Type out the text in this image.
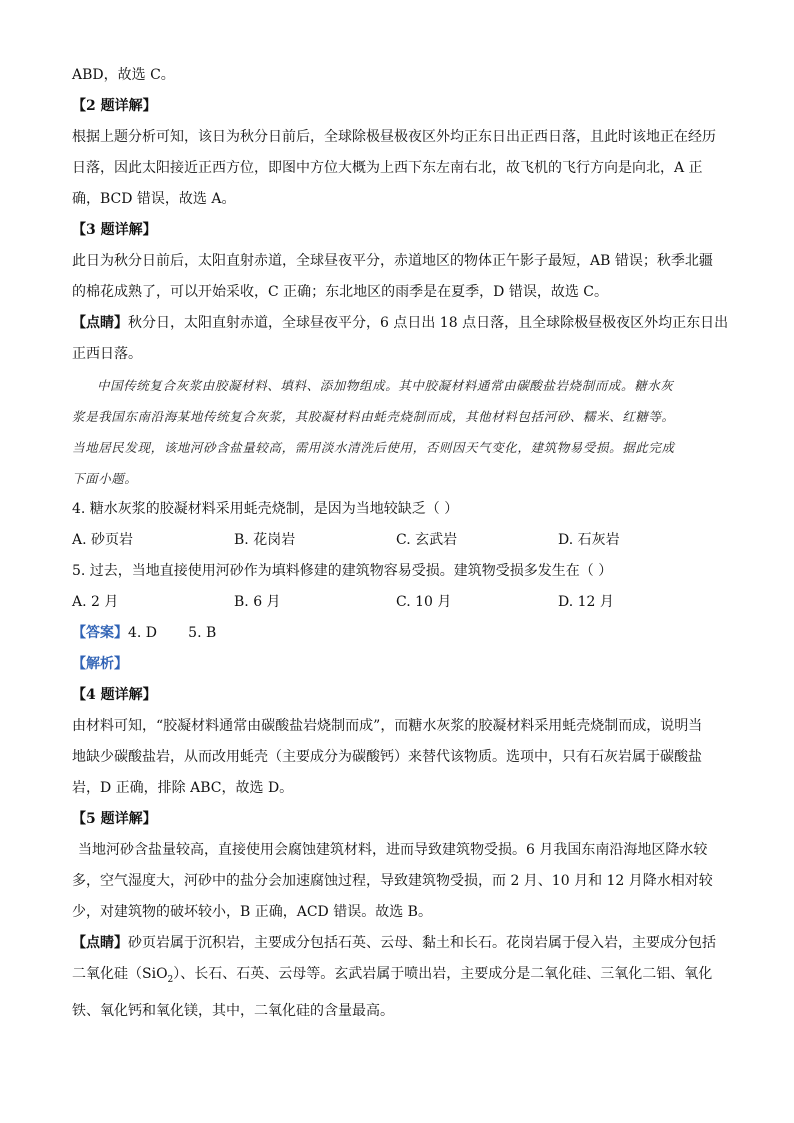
ABD，故选 C。
【2 题详解】
根据上题分析可知，该日为秋分日前后，全球除极昼极夜区外均正东日出正西日落，且此时该地正在经历
日落，因此太阳接近正西方位，即图中方位大概为上西下东左南右北，故飞机的飞行方向是向北，A 正
确，BCD 错误，故选 A。
【3 题详解】
此日为秋分日前后，太阳直射赤道，全球昼夜平分，赤道地区的物体正午影子最短，AB 错误；秋季北疆
的棉花成熟了，可以开始采收，C 正确；东北地区的雨季是在夏季，D 错误，故选 C。
【点睛】秋分日，太阳直射赤道，全球昼夜平分，6 点日出 18 点日落，且全球除极昼极夜区外均正东日出
正西日落。
中国传统复合灰浆由胶凝材料、填料、添加物组成。其中胶凝材料通常由碳酸盐岩烧制而成。糖水灰
浆是我国东南沿海某地传统复合灰浆，其胶凝材料由蚝壳烧制而成，其他材料包括河砂、糯米、红糖等。
当地居民发现，该地河砂含盐量较高，需用淡水清洗后使用，否则因天气变化，建筑物易受损。据此完成
下面小题。
4. 糖水灰浆的胶凝材料采用蚝壳烧制，是因为当地较缺乏（ ）
A. 砂页岩	B. 花岗岩	C. 玄武岩	D. 石灰岩
5. 过去，当地直接使用河砂作为填料修建的建筑物容易受损。建筑物受损多发生在（ ）
A. 2 月	B. 6 月	C. 10 月	D. 12 月
【答案】4. D       5. B
【解析】
【4 题详解】
由材料可知，“胶凝材料通常由碳酸盐岩烧制而成”，而糖水灰浆的胶凝材料采用蚝壳烧制而成，说明当
地缺少碳酸盐岩，从而改用蚝壳（主要成分为碳酸钙）来替代该物质。选项中，只有石灰岩属于碳酸盐
岩，D 正确，排除 ABC，故选 D。
【5 题详解】
当地河砂含盐量较高，直接使用会腐蚀建筑材料，进而导致建筑物受损。6 月我国东南沿海地区降水较
多，空气湿度大，河砂中的盐分会加速腐蚀过程，导致建筑物受损，而 2 月、10 月和 12 月降水相对较
少，对建筑物的破坏较小，B 正确，ACD 错误。故选 B。
【点睛】砂页岩属于沉积岩，主要成分包括石英、云母、黏土和长石。花岗岩属于侵入岩，主要成分包括
二氧化硅（SiO$_2$）、长石、石英、云母等。玄武岩属于喷出岩，主要成分是二氧化硅、三氧化二铝、氧化
铁、氧化钙和氧化镁，其中，二氧化硅的含量最高。
